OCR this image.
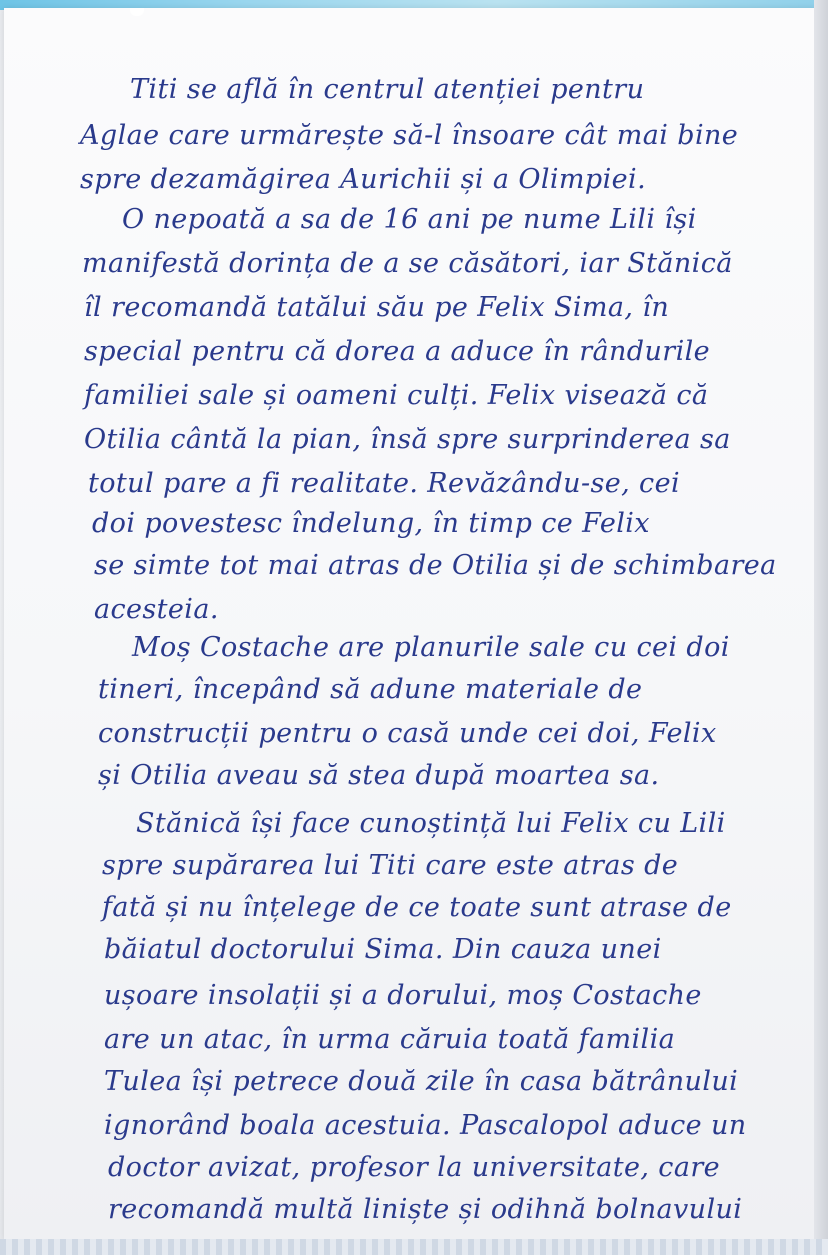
Titi se află în centrul atenției pentru
Aglae care urmărește să-l însoare cât mai bine
spre dezamăgirea Aurichii și a Olimpiei.
O nepoată a sa de 16 ani pe nume Lili își
manifestă dorința de a se căsători, iar Stănică
îl recomandă tatălui său pe Felix Sima, în
special pentru că dorea a aduce în rândurile
familiei sale și oameni culți. Felix visează că
Otilia cântă la pian, însă spre surprinderea sa
totul pare a fi realitate. Revăzându-se, cei
doi povestesc îndelung, în timp ce Felix
se simte tot mai atras de Otilia și de schimbarea
acesteia.
Moș Costache are planurile sale cu cei doi
tineri, începând să adune materiale de
construcții pentru o casă unde cei doi, Felix
și Otilia aveau să stea după moartea sa.
Stănică își face cunoștință lui Felix cu Lili
spre supărarea lui Titi care este atras de
fată și nu înțelege de ce toate sunt atrase de
băiatul doctorului Sima. Din cauza unei
ușoare insolații și a dorului, moș Costache
are un atac, în urma căruia toată familia
Tulea își petrece două zile în casa bătrânului
ignorând boala acestuia. Pascalopol aduce un
doctor avizat, profesor la universitate, care
recomandă multă liniște și odihnă bolnavului
